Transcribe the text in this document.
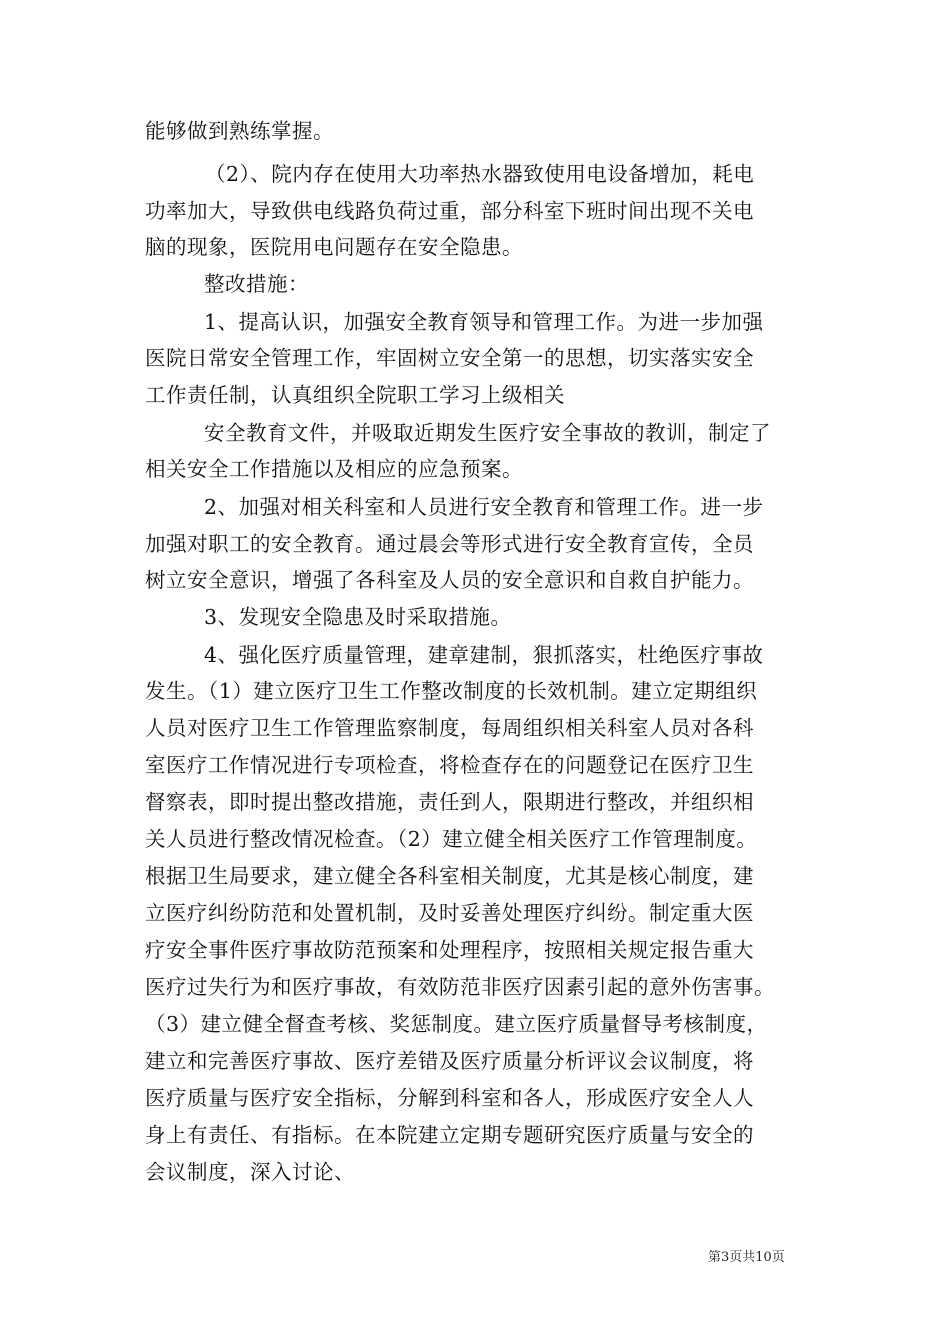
能够做到熟练掌握。
（2）、院内存在使用大功率热水器致使用电设备增加，耗电
功率加大，导致供电线路负荷过重，部分科室下班时间出现不关电
脑的现象，医院用电问题存在安全隐患。
整改措施：
1、提高认识，加强安全教育领导和管理工作。为进一步加强
医院日常安全管理工作，牢固树立安全第一的思想，切实落实安全
工作责任制，认真组织全院职工学习上级相关
安全教育文件，并吸取近期发生医疗安全事故的教训，制定了
相关安全工作措施以及相应的应急预案。
2、加强对相关科室和人员进行安全教育和管理工作。进一步
加强对职工的安全教育。通过晨会等形式进行安全教育宣传，全员
树立安全意识，增强了各科室及人员的安全意识和自救自护能力。
3、发现安全隐患及时采取措施。
4、强化医疗质量管理，建章建制，狠抓落实，杜绝医疗事故
发生。（1）建立医疗卫生工作整改制度的长效机制。建立定期组织
人员对医疗卫生工作管理监察制度，每周组织相关科室人员对各科
室医疗工作情况进行专项检查，将检查存在的问题登记在医疗卫生
督察表，即时提出整改措施，责任到人，限期进行整改，并组织相
关人员进行整改情况检查。（2）建立健全相关医疗工作管理制度。
根据卫生局要求，建立健全各科室相关制度，尤其是核心制度，建
立医疗纠纷防范和处置机制，及时妥善处理医疗纠纷。制定重大医
疗安全事件医疗事故防范预案和处理程序，按照相关规定报告重大
医疗过失行为和医疗事故，有效防范非医疗因素引起的意外伤害事。
（3）建立健全督查考核、奖惩制度。建立医疗质量督导考核制度，
建立和完善医疗事故、医疗差错及医疗质量分析评议会议制度，将
医疗质量与医疗安全指标，分解到科室和各人，形成医疗安全人人
身上有责任、有指标。在本院建立定期专题研究医疗质量与安全的
会议制度，深入讨论、
第3页共10页
